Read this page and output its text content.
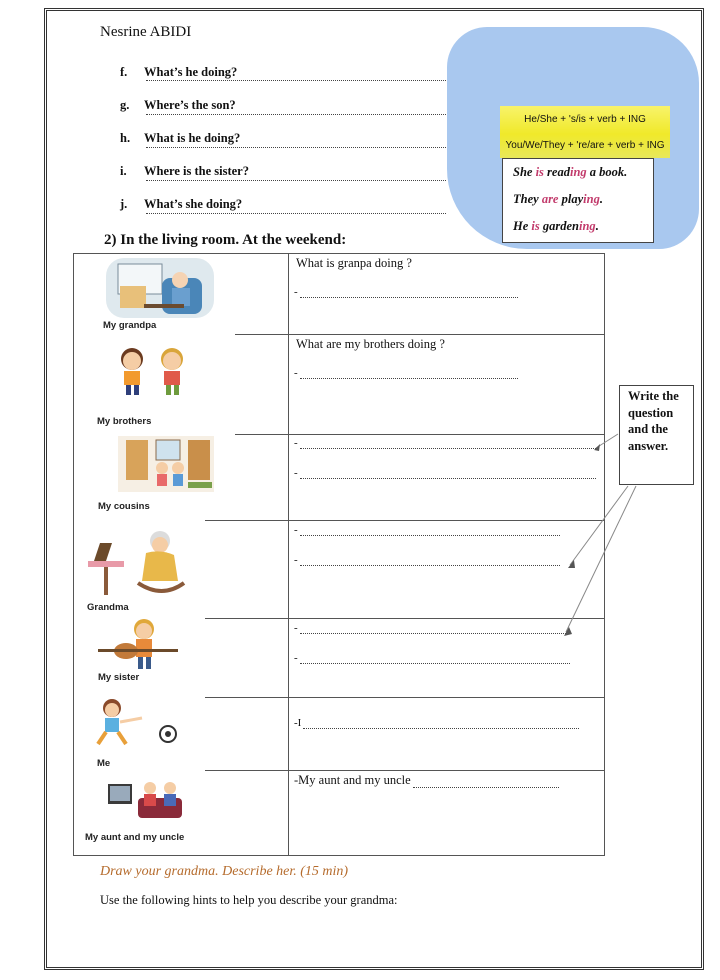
Nesrine ABIDI
f. What’s he doing?
g. Where’s the son?
h. What is he doing?
i. Where is the sister?
j. What’s she doing?
He/She + 's/is + verb + ING
You/We/They + 're/are + verb + ING
She is reading a book.
They are playing.
He is gardening.
2) In the living room. At the weekend:
My grandpa
What is granpa doing ?
-
My brothers
What are my brothers doing ?
-
My cousins
-
-
Grandma
-
-
My sister
-
-
Me
-I
My aunt and my uncle
-My aunt and my uncle
Write the question and the answer.
Draw your grandma. Describe her. (15 min)
Use the following hints to help you describe your grandma:
